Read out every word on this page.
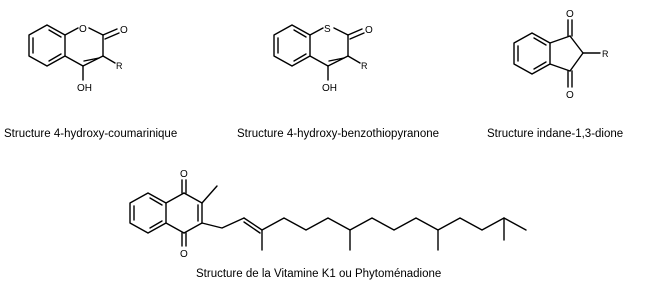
O	O
R
OH
S	O
R
OH
O
O
R
O
O
Structure 4-hydroxy-coumarinique	Structure 4-hydroxy-benzothiopyranone	Structure indane-1,3-dione
Structure de la Vitamine K1 ou Phytoménadione
